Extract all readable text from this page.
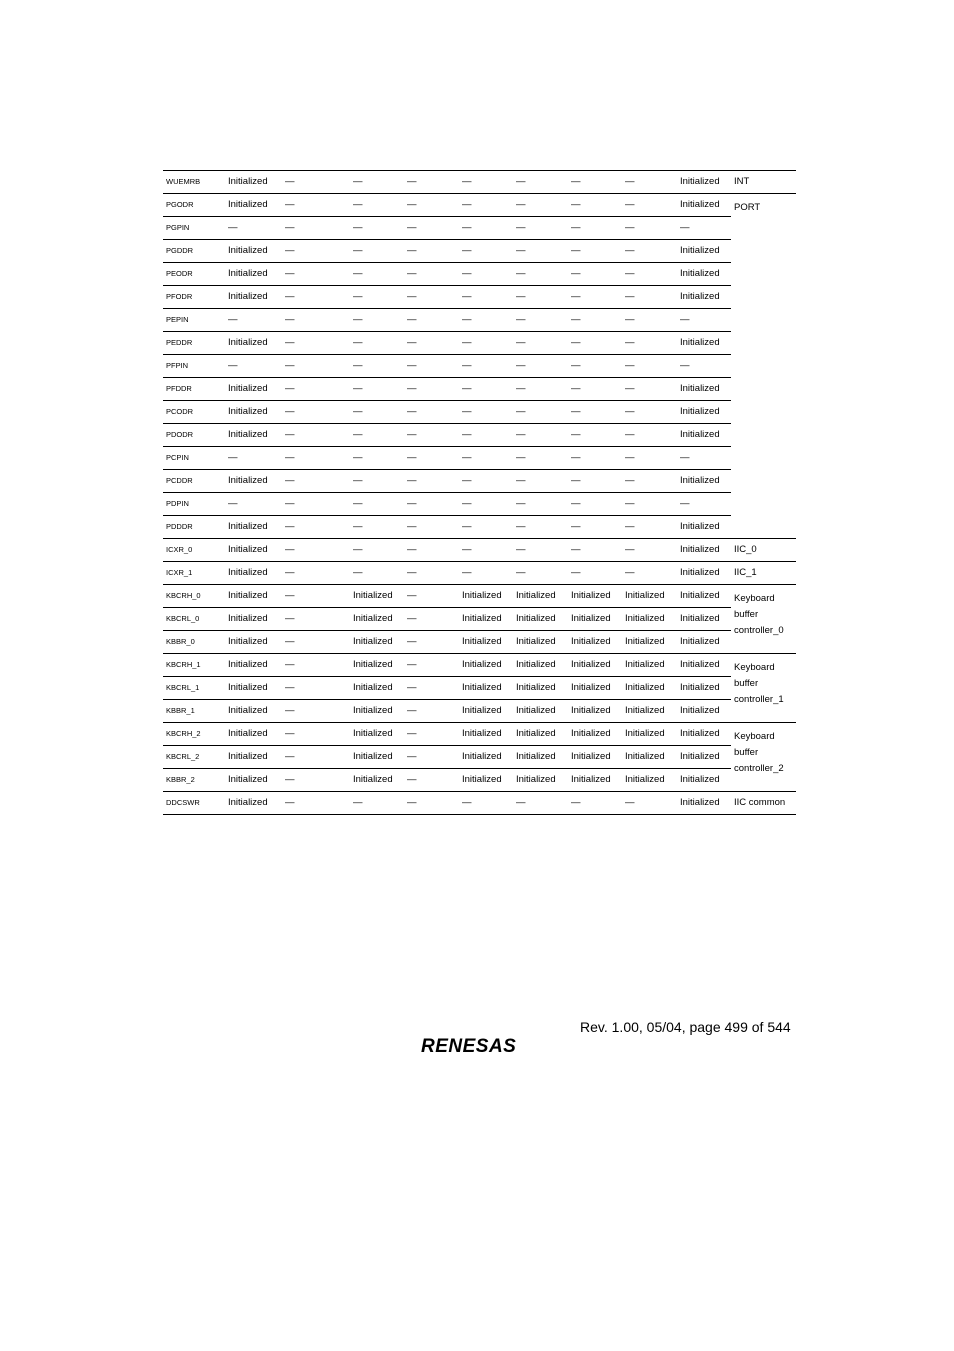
WUEMRB	Initialized	—	—	—	—	—	—	—	Initialized	INT
PGODR	Initialized	—	—	—	—	—	—	—	Initialized	PORT
PGPIN	—	—	—	—	—	—	—	—	—	
PGDDR	Initialized	—	—	—	—	—	—	—	Initialized	
PEODR	Initialized	—	—	—	—	—	—	—	Initialized	
PFODR	Initialized	—	—	—	—	—	—	—	Initialized	
PEPIN	—	—	—	—	—	—	—	—	—	
PEDDR	Initialized	—	—	—	—	—	—	—	Initialized	
PFPIN	—	—	—	—	—	—	—	—	—	
PFDDR	Initialized	—	—	—	—	—	—	—	Initialized	
PCODR	Initialized	—	—	—	—	—	—	—	Initialized	
PDODR	Initialized	—	—	—	—	—	—	—	Initialized	
PCPIN	—	—	—	—	—	—	—	—	—	
PCDDR	Initialized	—	—	—	—	—	—	—	Initialized	
PDPIN	—	—	—	—	—	—	—	—	—	
PDDDR	Initialized	—	—	—	—	—	—	—	Initialized	
ICXR_0	Initialized	—	—	—	—	—	—	—	Initialized	IIC_0
ICXR_1	Initialized	—	—	—	—	—	—	—	Initialized	IIC_1
KBCRH_0	Initialized	—	Initialized	—	Initialized	Initialized	Initialized	Initialized	Initialized	Keyboard buffer controller_0
KBCRL_0	Initialized	—	Initialized	—	Initialized	Initialized	Initialized	Initialized	Initialized	
KBBR_0	Initialized	—	Initialized	—	Initialized	Initialized	Initialized	Initialized	Initialized	
KBCRH_1	Initialized	—	Initialized	—	Initialized	Initialized	Initialized	Initialized	Initialized	Keyboard buffer controller_1
KBCRL_1	Initialized	—	Initialized	—	Initialized	Initialized	Initialized	Initialized	Initialized	
KBBR_1	Initialized	—	Initialized	—	Initialized	Initialized	Initialized	Initialized	Initialized	
KBCRH_2	Initialized	—	Initialized	—	Initialized	Initialized	Initialized	Initialized	Initialized	Keyboard buffer controller_2
KBCRL_2	Initialized	—	Initialized	—	Initialized	Initialized	Initialized	Initialized	Initialized	
KBBR_2	Initialized	—	Initialized	—	Initialized	Initialized	Initialized	Initialized	Initialized	
DDCSWR	Initialized	—	—	—	—	—	—	—	Initialized	IIC common
Rev. 1.00, 05/04, page 499 of 544
RENESAS
